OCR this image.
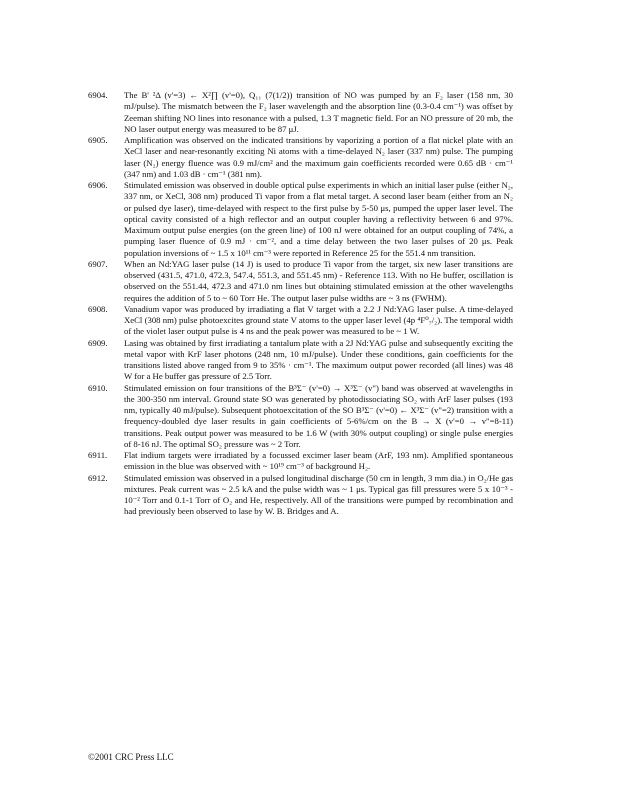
6904.	The B' ²Δ (v'=3) ← X²∏ (v'=0), Q₁₁ (7(1/2)) transition of NO was pumped by an F₂ laser (158 nm, 30 mJ/pulse). The mismatch between the F₂ laser wavelength and the absorption line (0.3-0.4 cm⁻¹) was offset by Zeeman shifting NO lines into resonance with a pulsed, 1.3 T magnetic field. For an NO pressure of 20 mb, the NO laser output energy was measured to be 87 μJ.
6905.	Amplification was observed on the indicated transitions by vaporizing a portion of a flat nickel plate with an XeCl laser and near-resonantly exciting Ni atoms with a time-delayed N₂ laser (337 nm) pulse. The pumping laser (N₂) energy fluence was 0.9 mJ/cm² and the maximum gain coefficients recorded were 0.65 dB · cm⁻¹ (347 nm) and 1.03 dB · cm⁻¹ (381 nm).
6906.	Stimulated emission was observed in double optical pulse experiments in which an initial laser pulse (either N₂, 337 nm, or XeCl, 308 nm) produced Ti vapor from a flat metal target. A second laser beam (either from an N₂ or pulsed dye laser), time-delayed with respect to the first pulse by 5-50 μs, pumped the upper laser level. The optical cavity consisted of a high reflector and an output coupler having a reflectivity between 6 and 97%. Maximum output pulse energies (on the green line) of 100 nJ were obtained for an output coupling of 74%, a pumping laser fluence of 0.9 mJ · cm⁻², and a time delay between the two laser pulses of 20 μs. Peak population inversions of ~ 1.5 x 10¹¹ cm⁻³ were reported in Reference 25 for the 551.4 nm transition.
6907.	When an Nd:YAG laser pulse (14 J) is used to produce Ti vapor from the target, six new laser transitions are observed (431.5, 471.0, 472.3, 547.4, 551.3, and 551.45 nm) - Reference 113. With no He buffer, oscillation is observed on the 551.44, 472.3 and 471.0 nm lines but obtaining stimulated emission at the other wavelengths requires the addition of 5 to ~ 60 Torr He. The output laser pulse widths are ~ 3 ns (FWHM).
6908.	Vanadium vapor was produced by irradiating a flat V target with a 2.2 J Nd:YAG laser pulse. A time-delayed XeCl (308 nm) pulse photoexcites ground state V atoms to the upper laser level (4p ⁴F⁰₇/₂). The temporal width of the violet laser output pulse is 4 ns and the peak power was measured to be ~ 1 W.
6909.	Lasing was obtained by first irradiating a tantalum plate with a 2J Nd:YAG pulse and subsequently exciting the metal vapor with KrF laser photons (248 nm, 10 mJ/pulse). Under these conditions, gain coefficients for the transitions listed above ranged from 9 to 35% · cm⁻¹. The maximum output power recorded (all lines) was 48 W for a He buffer gas pressure of 2.5 Torr.
6910.	Stimulated emission on four transitions of the B³Σ⁻ (v'=0) → X³Σ⁻ (v") band was observed at wavelengths in the 300-350 nm interval. Ground state SO was generated by photodissociating SO₂ with ArF laser pulses (193 nm, typically 40 mJ/pulse). Subsequent photoexcitation of the SO B³Σ⁻ (v'=0) ← X³Σ⁻ (v"=2) transition with a frequency-doubled dye laser results in gain coefficients of 5-6%/cm on the B → X (v'=0 → v"=8-11) transitions. Peak output power was measured to be 1.6 W (with 30% output coupling) or single pulse energies of 8-16 nJ. The optimal SO₂ pressure was ~ 2 Torr.
6911.	Flat indium targets were irradiated by a focussed excimer laser beam (ArF, 193 nm). Amplified spontaneous emission in the blue was observed with ~ 10¹⁹ cm⁻³ of background H₂.
6912.	Stimulated emission was observed in a pulsed longitudinal discharge (50 cm in length, 3 mm dia.) in O₂/He gas mixtures. Peak current was ~ 2.5 kA and the pulse width was ~ 1 μs. Typical gas fill pressures were 5 x 10⁻³ - 10⁻² Torr and 0.1-1 Torr of O₂ and He, respectively. All of the transitions were pumped by recombination and had previously been observed to lase by W. B. Bridges and A.
©2001 CRC Press LLC
